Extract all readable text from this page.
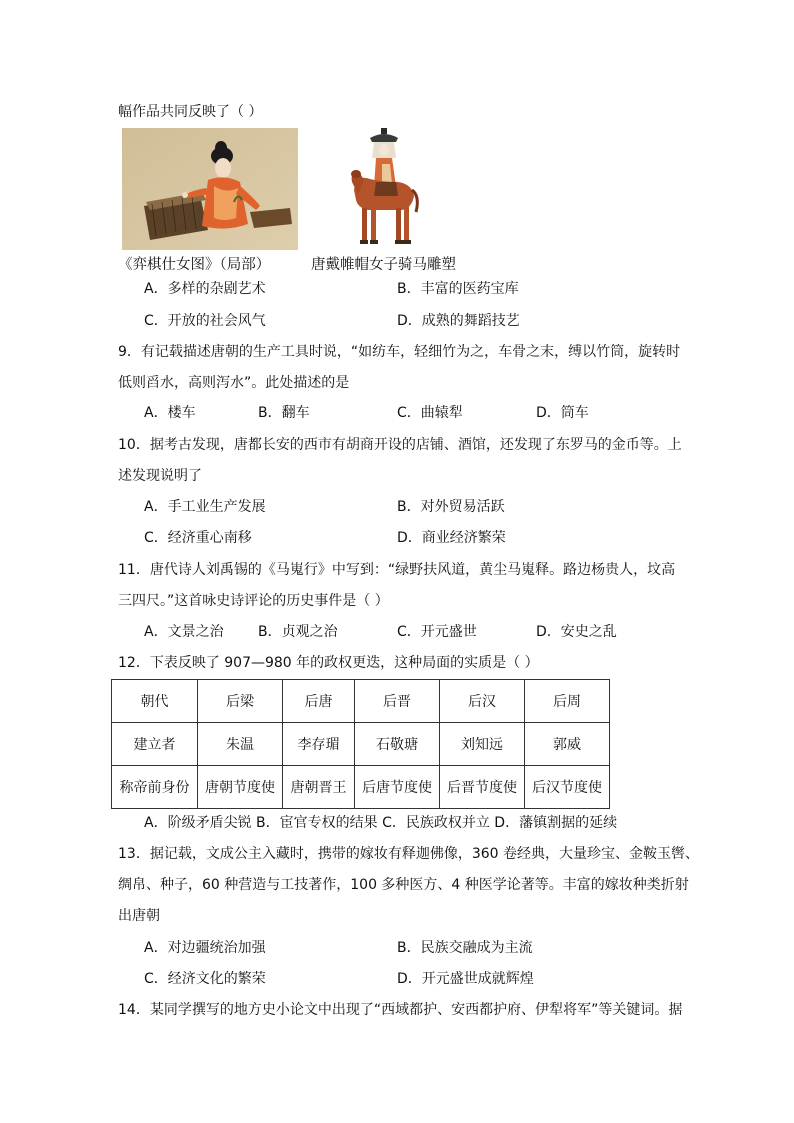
幅作品共同反映了（ ）
《弈棋仕女图》（局部）	唐戴帷帽女子骑马雕塑
A．多样的杂剧艺术	B．丰富的医药宝库
C．开放的社会风气	D．成熟的舞蹈技艺
9．有记载描述唐朝的生产工具时说，“如纺车，轻细竹为之，车骨之末，缚以竹筒，旋转时
低则舀水，高则泻水”。此处描述的是
A．楼车	B．翻车	C．曲辕犁	D．筒车
10．据考古发现，唐都长安的西市有胡商开设的店铺、酒馆，还发现了东罗马的金币等。上
述发现说明了
A．手工业生产发展	B．对外贸易活跃
C．经济重心南移	D．商业经济繁荣
11．唐代诗人刘禹锡的《马嵬行》中写到：“绿野扶风道，黄尘马嵬释。路边杨贵人，坟高
三四尺。”这首咏史诗评论的历史事件是（ ）
A．文景之治 B．贞观之治	C．开元盛世	D．安史之乱
12．下表反映了 907—980 年的政权更迭，这种局面的实质是（ ）
朝代	后梁	后唐	后晋	后汉	后周
建立者	朱温	李存瑂	石敬瑭	刘知远	郭威
称帝前身份	唐朝节度使	唐朝晋王	后唐节度使	后晋节度使	后汉节度使
A．阶级矛盾尖锐 B．宦官专权的结果 C．民族政权并立 D．藩镇割据的延续
13．据记载，文成公主入藏时，携带的嫁妆有释迦佛像，360 卷经典，大量珍宝、金鞍玉辔、
绸帛、种子，60 种营造与工技著作，100 多种医方、4 种医学论著等。丰富的嫁妆种类折射
出唐朝
A．对边疆统治加强	B．民族交融成为主流
C．经济文化的繁荣	D．开元盛世成就辉煌
14．某同学撰写的地方史小论文中出现了“西域都护、安西都护府、伊犁将军”等关键词。据
